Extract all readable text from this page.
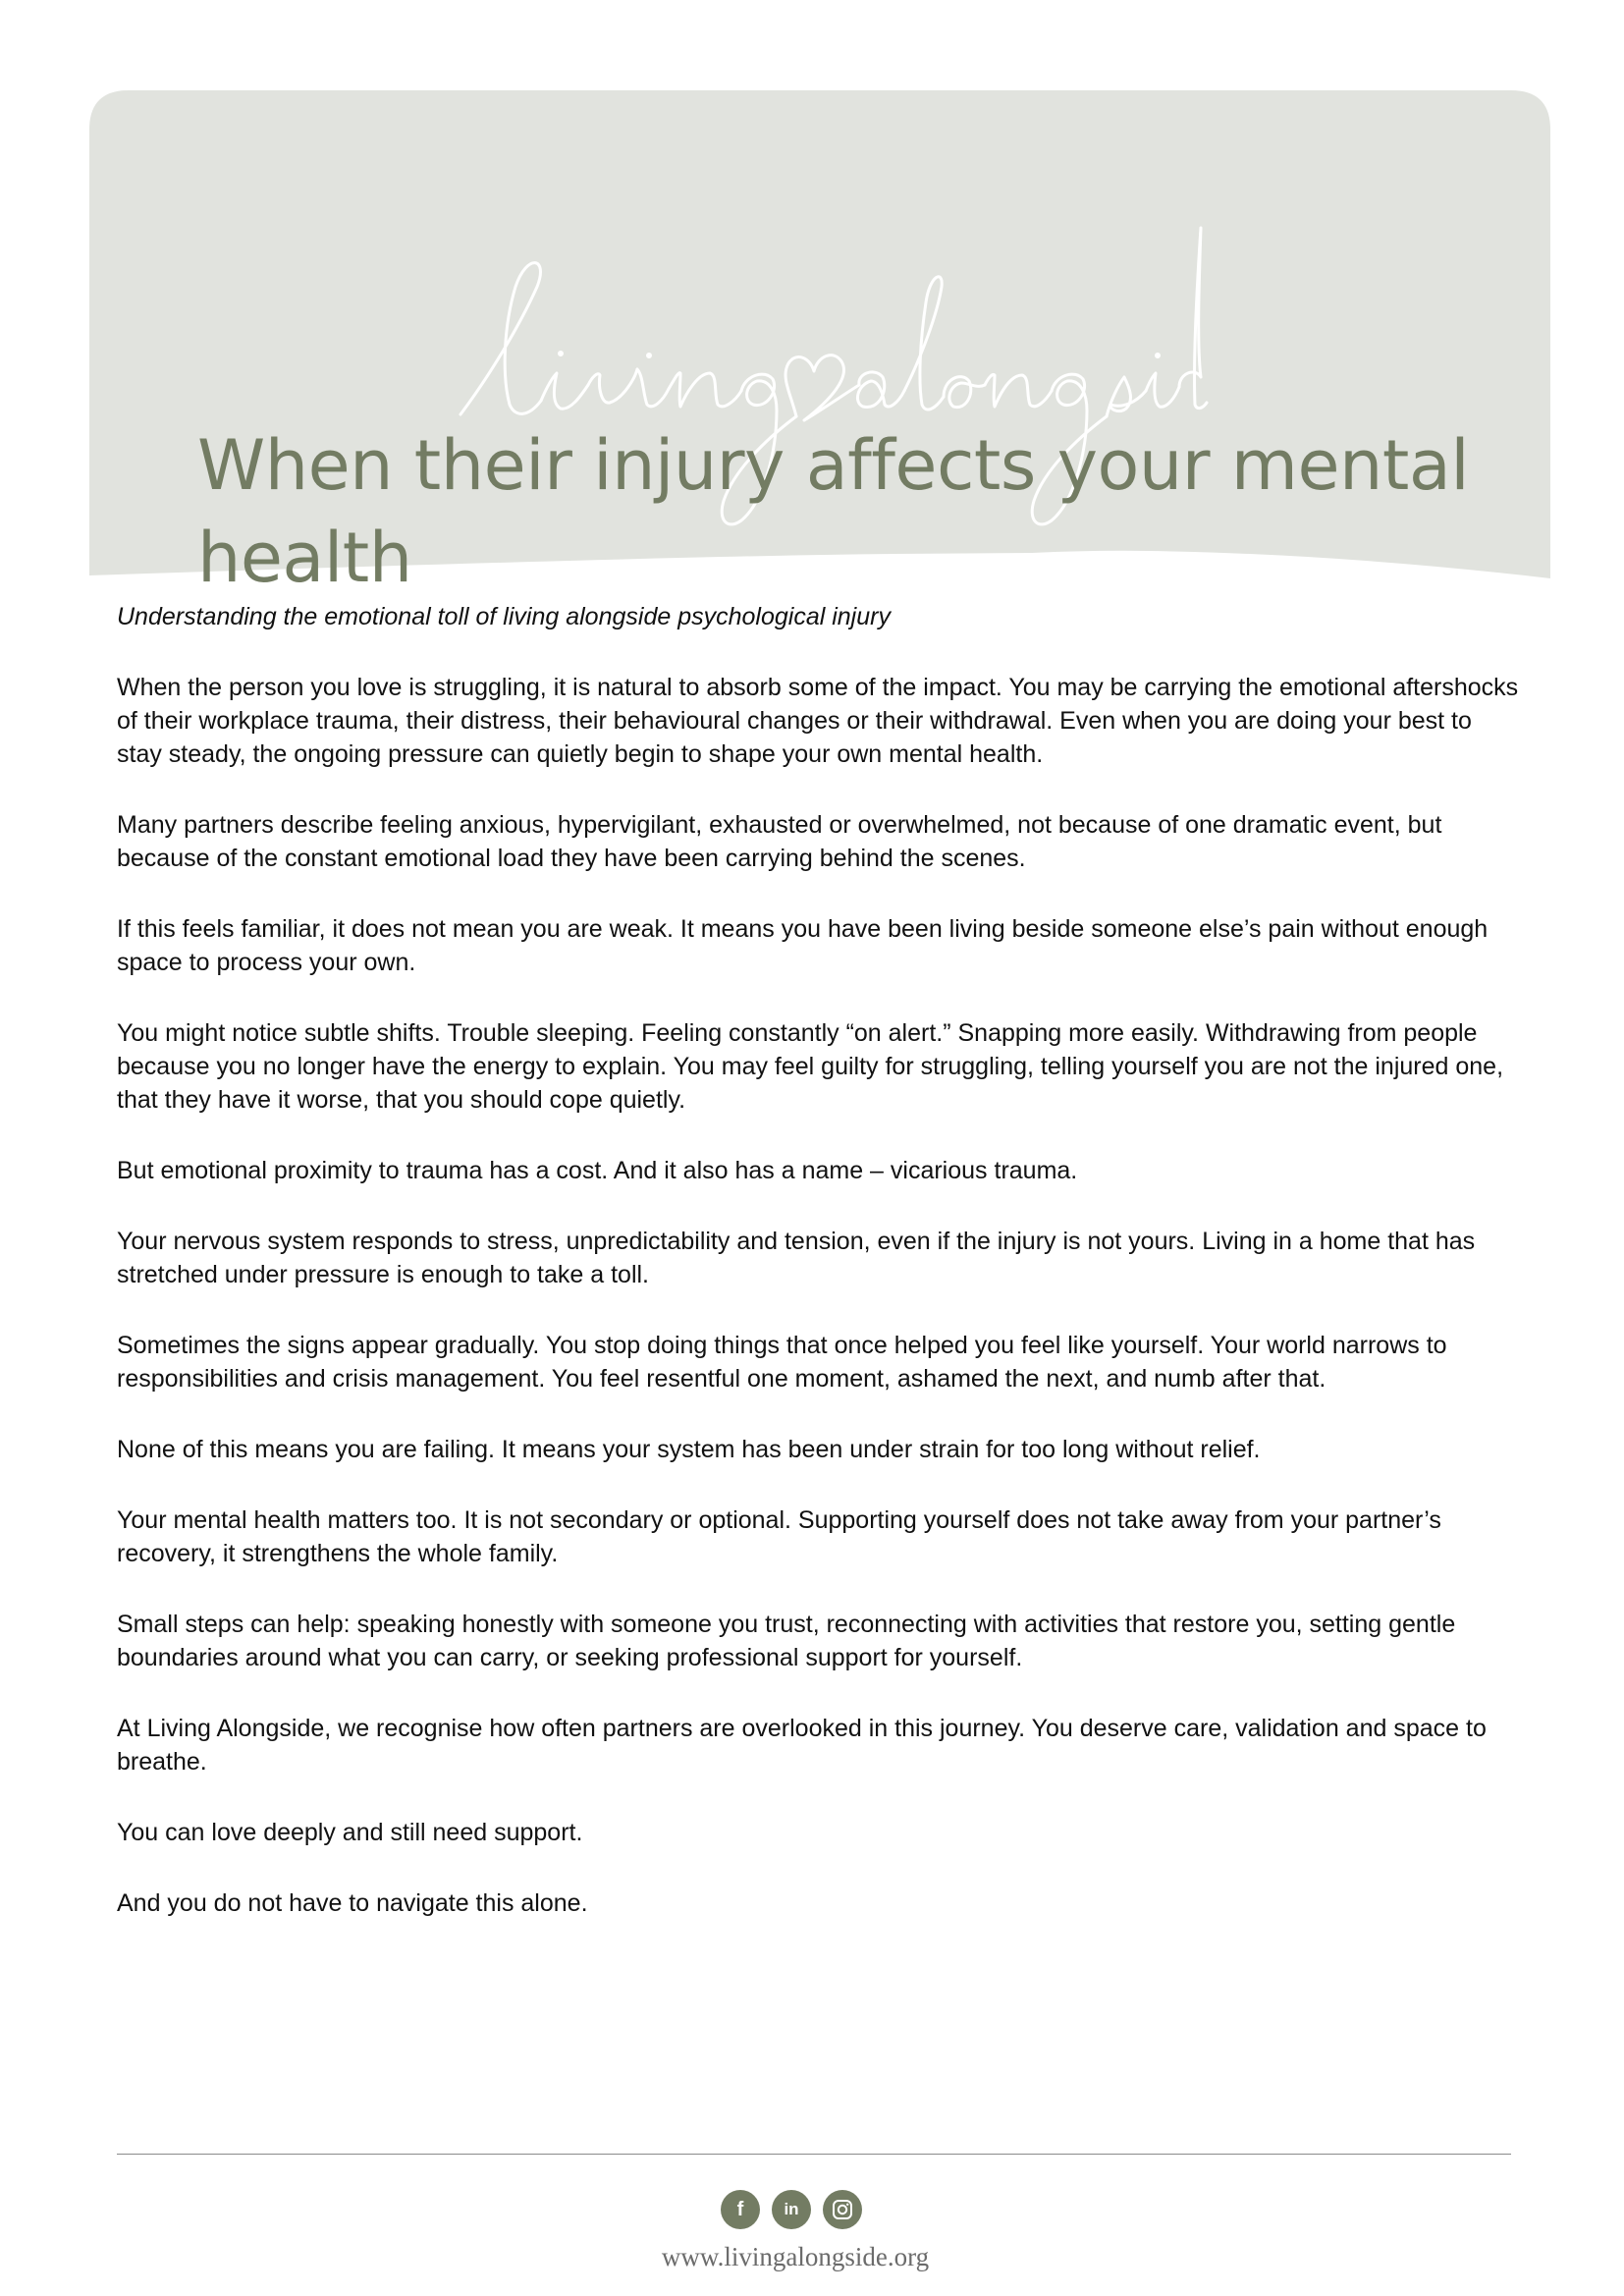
When their injury affects your mental health

Understanding the emotional toll of living alongside psychological injury

When the person you love is struggling, it is natural to absorb some of the impact. You may be carrying the emotional aftershocks of their workplace trauma, their distress, their behavioural changes or their withdrawal. Even when you are doing your best to stay steady, the ongoing pressure can quietly begin to shape your own mental health.

Many partners describe feeling anxious, hypervigilant, exhausted or overwhelmed, not because of one dramatic event, but because of the constant emotional load they have been carrying behind the scenes.

If this feels familiar, it does not mean you are weak. It means you have been living beside someone else’s pain without enough space to process your own.

You might notice subtle shifts. Trouble sleeping. Feeling constantly “on alert.” Snapping more easily. Withdrawing from people because you no longer have the energy to explain. You may feel guilty for struggling, telling yourself you are not the injured one, that they have it worse, that you should cope quietly.

But emotional proximity to trauma has a cost. And it also has a name – vicarious trauma.

Your nervous system responds to stress, unpredictability and tension, even if the injury is not yours. Living in a home that has stretched under pressure is enough to take a toll.

Sometimes the signs appear gradually. You stop doing things that once helped you feel like yourself. Your world narrows to responsibilities and crisis management. You feel resentful one moment, ashamed the next, and numb after that.

None of this means you are failing. It means your system has been under strain for too long without relief.

Your mental health matters too. It is not secondary or optional. Supporting yourself does not take away from your partner’s recovery, it strengthens the whole family.

Small steps can help: speaking honestly with someone you trust, reconnecting with activities that restore you, setting gentle boundaries around what you can carry, or seeking professional support for yourself.

At Living Alongside, we recognise how often partners are overlooked in this journey. You deserve care, validation and space to breathe.

You can love deeply and still need support.

And you do not have to navigate this alone.

f in
www.livingalongside.org
